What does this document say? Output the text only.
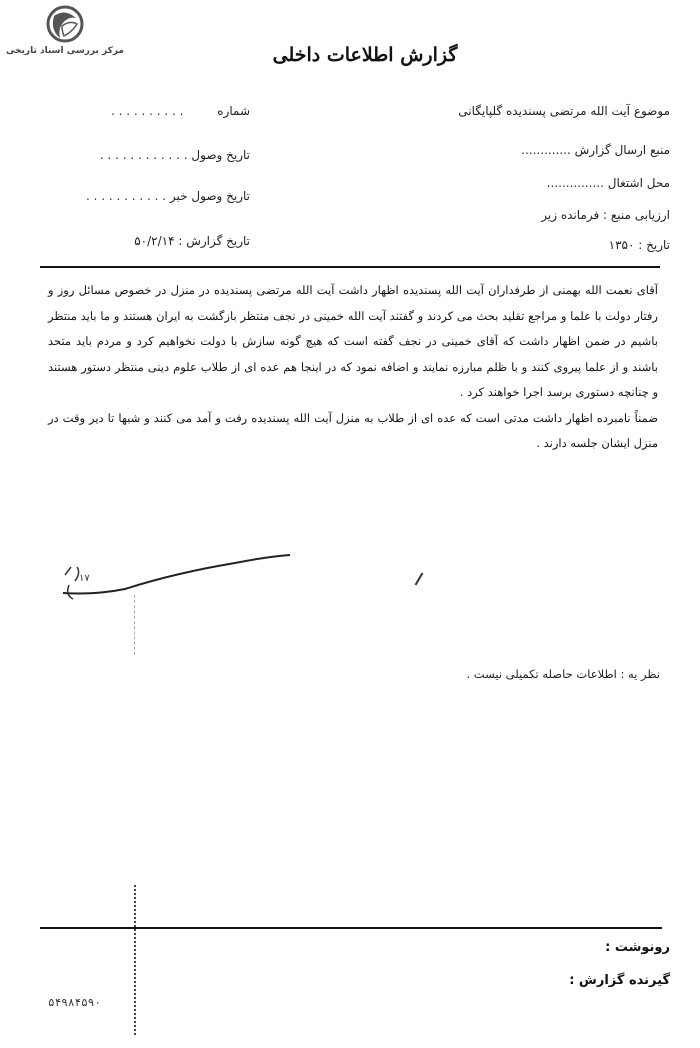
مرکز بررسی اسناد تاریخی	گزارش اطلاعات داخلی
موضوع آیت الله مرتضی پسندیده گلپایگانی
منبع ارسال گزارش .............
محل اشتغال ...............
ارزیابی منبع : فرمانده زیر
تاریخ : ۱۳۵۰
شماره . . . . . . . . . .
تاریخ وصول . . . . . . . . . . . .
تاریخ وصول خبر . . . . . . . . . . .
تاریخ گزارش : ۵۰/۲/۱۴

آقای نعمت الله بهمنی از طرفداران آیت الله پسندیده اظهار داشت آیت الله مرتضی پسندیده در منزل در خصوص مسائل روز و رفتار دولت با علما و مراجع تقلید بحث می کردند و گفتند آیت الله خمینی در نجف منتظر بازگشت به ایران هستند و ما باید منتظر باشیم در ضمن اظهار داشت که آقای خمینی در نجف گفته است که هیچ گونه سازش با دولت نخواهیم کرد و مردم باید متحد باشند و از علما پیروی کنند و با ظلم مبارزه نمایند و اضافه نمود که در اینجا هم عده ای از طلاب علوم دینی منتظر دستور هستند و چنانچه دستوری برسد اجرا خواهند کرد .

ضمناً نامبرده اظهار داشت مدتی است که عده ای از طلاب به منزل آیت الله پسندیده رفت و آمد می کنند و شبها تا دیر وقت در منزل ایشان جلسه دارند .

۱۷
نظر یه : اطلاعات حاصله تکمیلی نیست .
رونوشت :
گیرنده گزارش :
۵۴۹۸۴۵۹۰
